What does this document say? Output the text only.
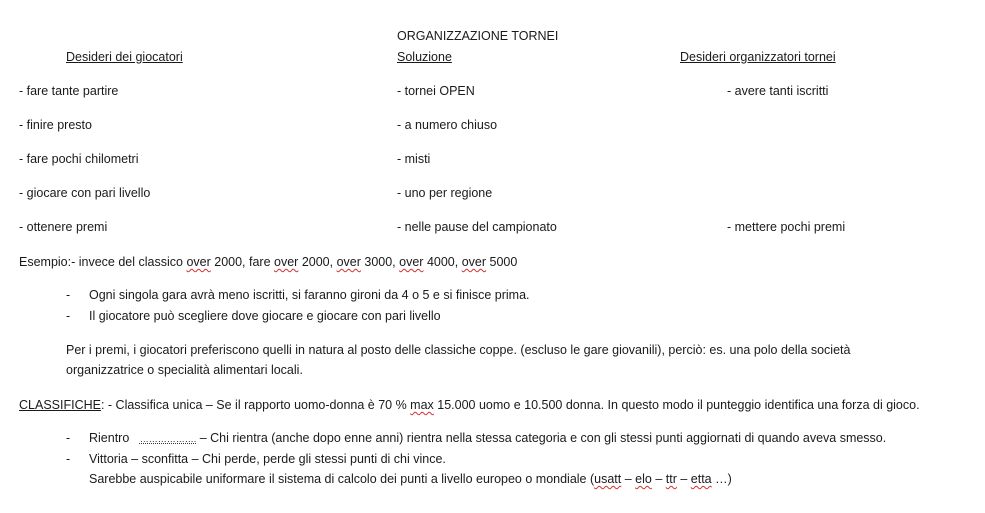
ORGANIZZAZIONE TORNEI
Desideri dei giocatori	Soluzione	Desideri organizzatori tornei
- fare tante partire	- tornei OPEN	- avere tanti iscritti
- finire presto	- a numero chiuso
- fare pochi chilometri	- misti
- giocare con pari livello	- uno per regione
- ottenere premi	- nelle pause del campionato	- mettere pochi premi
Esempio:- invece del classico over 2000, fare over 2000, over 3000, over 4000, over 5000
- Ogni singola gara avrà meno iscritti, si faranno gironi da 4 o 5 e si finisce prima.
- Il giocatore può scegliere dove giocare e giocare con pari livello
Per i premi, i giocatori preferiscono quelli in natura al posto delle classiche coppe. (escluso le gare giovanili), perciò: es. una polo della società
organizzatrice o specialità alimentari locali.
CLASSIFICHE: - Classifica unica – Se il rapporto uomo-donna è 70 % max 15.000 uomo e 10.500 donna. In questo modo il punteggio identifica una forza di gioco.
- Rientro ………………. – Chi rientra (anche dopo enne anni) rientra nella stessa categoria e con gli stessi punti aggiornati di quando aveva smesso.
- Vittoria – sconfitta – Chi perde, perde gli stessi punti di chi vince.
Sarebbe auspicabile uniformare il sistema di calcolo dei punti a livello europeo o mondiale (usatt – elo – ttr – etta …)
